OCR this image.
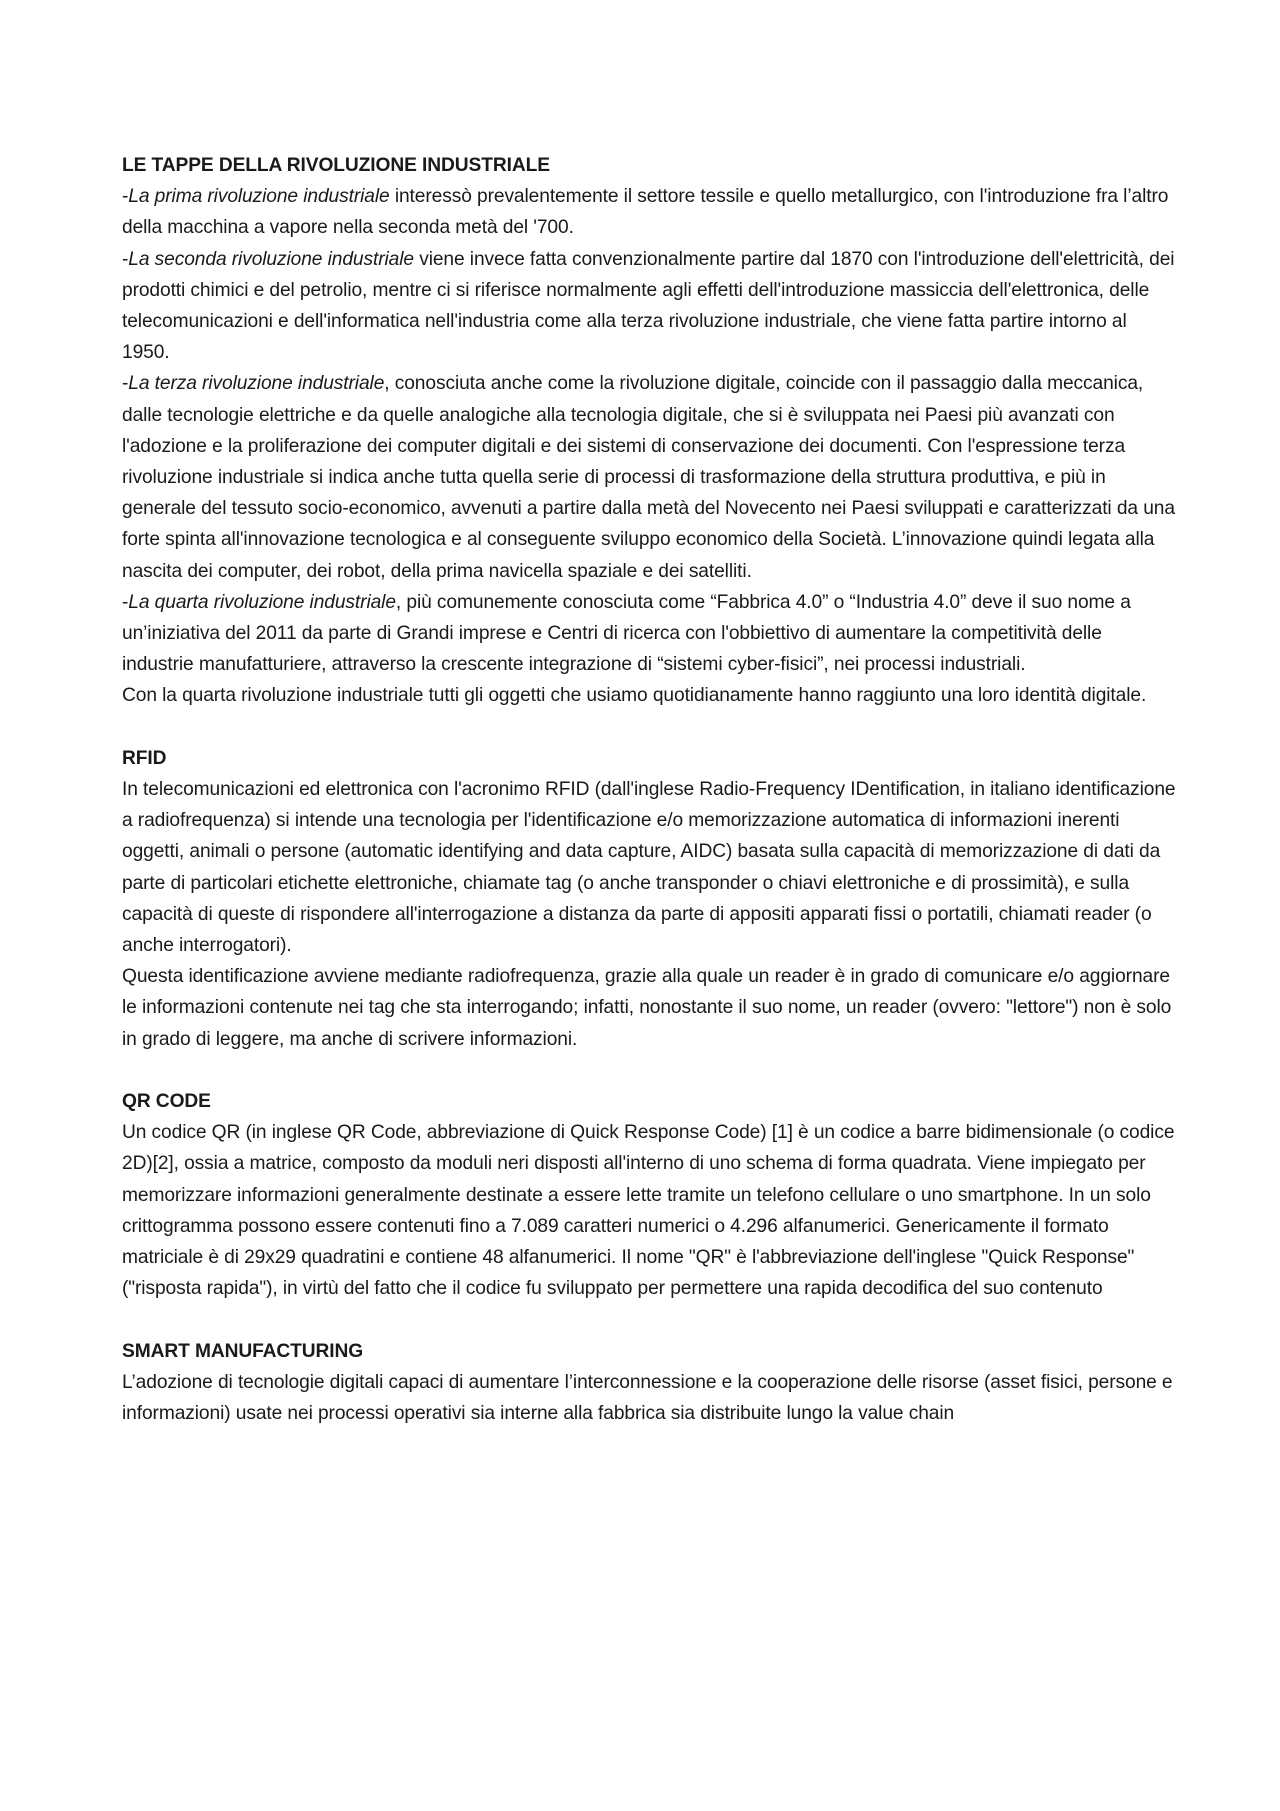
LE TAPPE DELLA RIVOLUZIONE INDUSTRIALE

-La prima rivoluzione industriale interessò prevalentemente il settore tessile e quello metallurgico, con l'introduzione fra l’altro della macchina a vapore nella seconda metà del '700.

-La seconda rivoluzione industriale viene invece fatta convenzionalmente partire dal 1870 con l'introduzione dell'elettricità, dei prodotti chimici e del petrolio, mentre ci si riferisce normalmente agli effetti dell'introduzione massiccia dell'elettronica, delle telecomunicazioni e dell'informatica nell'industria come alla terza rivoluzione industriale, che viene fatta partire intorno al 1950.

-La terza rivoluzione industriale, conosciuta anche come la rivoluzione digitale, coincide con il passaggio dalla meccanica, dalle tecnologie elettriche e da quelle analogiche alla tecnologia digitale, che si è sviluppata nei Paesi più avanzati con l'adozione e la proliferazione dei computer digitali e dei sistemi di conservazione dei documenti. Con l'espressione terza rivoluzione industriale si indica anche tutta quella serie di processi di trasformazione della struttura produttiva, e più in generale del tessuto socio-economico, avvenuti a partire dalla metà del Novecento nei Paesi sviluppati e caratterizzati da una forte spinta all'innovazione tecnologica e al conseguente sviluppo economico della Società. L’innovazione quindi legata alla nascita dei computer, dei robot, della prima navicella spaziale e dei satelliti.

-La quarta rivoluzione industriale, più comunemente conosciuta come “Fabbrica 4.0” o “Industria 4.0” deve il suo nome a un’iniziativa del 2011 da parte di Grandi imprese e Centri di ricerca con l'obbiettivo di aumentare la competitività delle industrie manufatturiere, attraverso la crescente integrazione di “sistemi cyber-fisici”, nei processi industriali.

Con la quarta rivoluzione industriale tutti gli oggetti che usiamo quotidianamente hanno raggiunto una loro identità digitale.

RFID

In telecomunicazioni ed elettronica con l'acronimo RFID (dall'inglese Radio-Frequency IDentification, in italiano identificazione a radiofrequenza) si intende una tecnologia per l'identificazione e/o memorizzazione automatica di informazioni inerenti oggetti, animali o persone (automatic identifying and data capture, AIDC) basata sulla capacità di memorizzazione di dati da parte di particolari etichette elettroniche, chiamate tag (o anche transponder o chiavi elettroniche e di prossimità), e sulla capacità di queste di rispondere all'interrogazione a distanza da parte di appositi apparati fissi o portatili, chiamati reader (o anche interrogatori).

Questa identificazione avviene mediante radiofrequenza, grazie alla quale un reader è in grado di comunicare e/o aggiornare le informazioni contenute nei tag che sta interrogando; infatti, nonostante il suo nome, un reader (ovvero: "lettore") non è solo in grado di leggere, ma anche di scrivere informazioni.

QR CODE

Un codice QR (in inglese QR Code, abbreviazione di Quick Response Code) [1] è un codice a barre bidimensionale (o codice 2D)[2], ossia a matrice, composto da moduli neri disposti all'interno di uno schema di forma quadrata. Viene impiegato per memorizzare informazioni generalmente destinate a essere lette tramite un telefono cellulare o uno smartphone. In un solo crittogramma possono essere contenuti fino a 7.089 caratteri numerici o 4.296 alfanumerici. Genericamente il formato matriciale è di 29x29 quadratini e contiene 48 alfanumerici. Il nome "QR" è l'abbreviazione dell'inglese "Quick Response" ("risposta rapida"), in virtù del fatto che il codice fu sviluppato per permettere una rapida decodifica del suo contenuto

SMART MANUFACTURING

L’adozione di tecnologie digitali capaci di aumentare l’interconnessione e la cooperazione delle risorse (asset fisici, persone e informazioni) usate nei processi operativi sia interne alla fabbrica sia distribuite lungo la value chain
